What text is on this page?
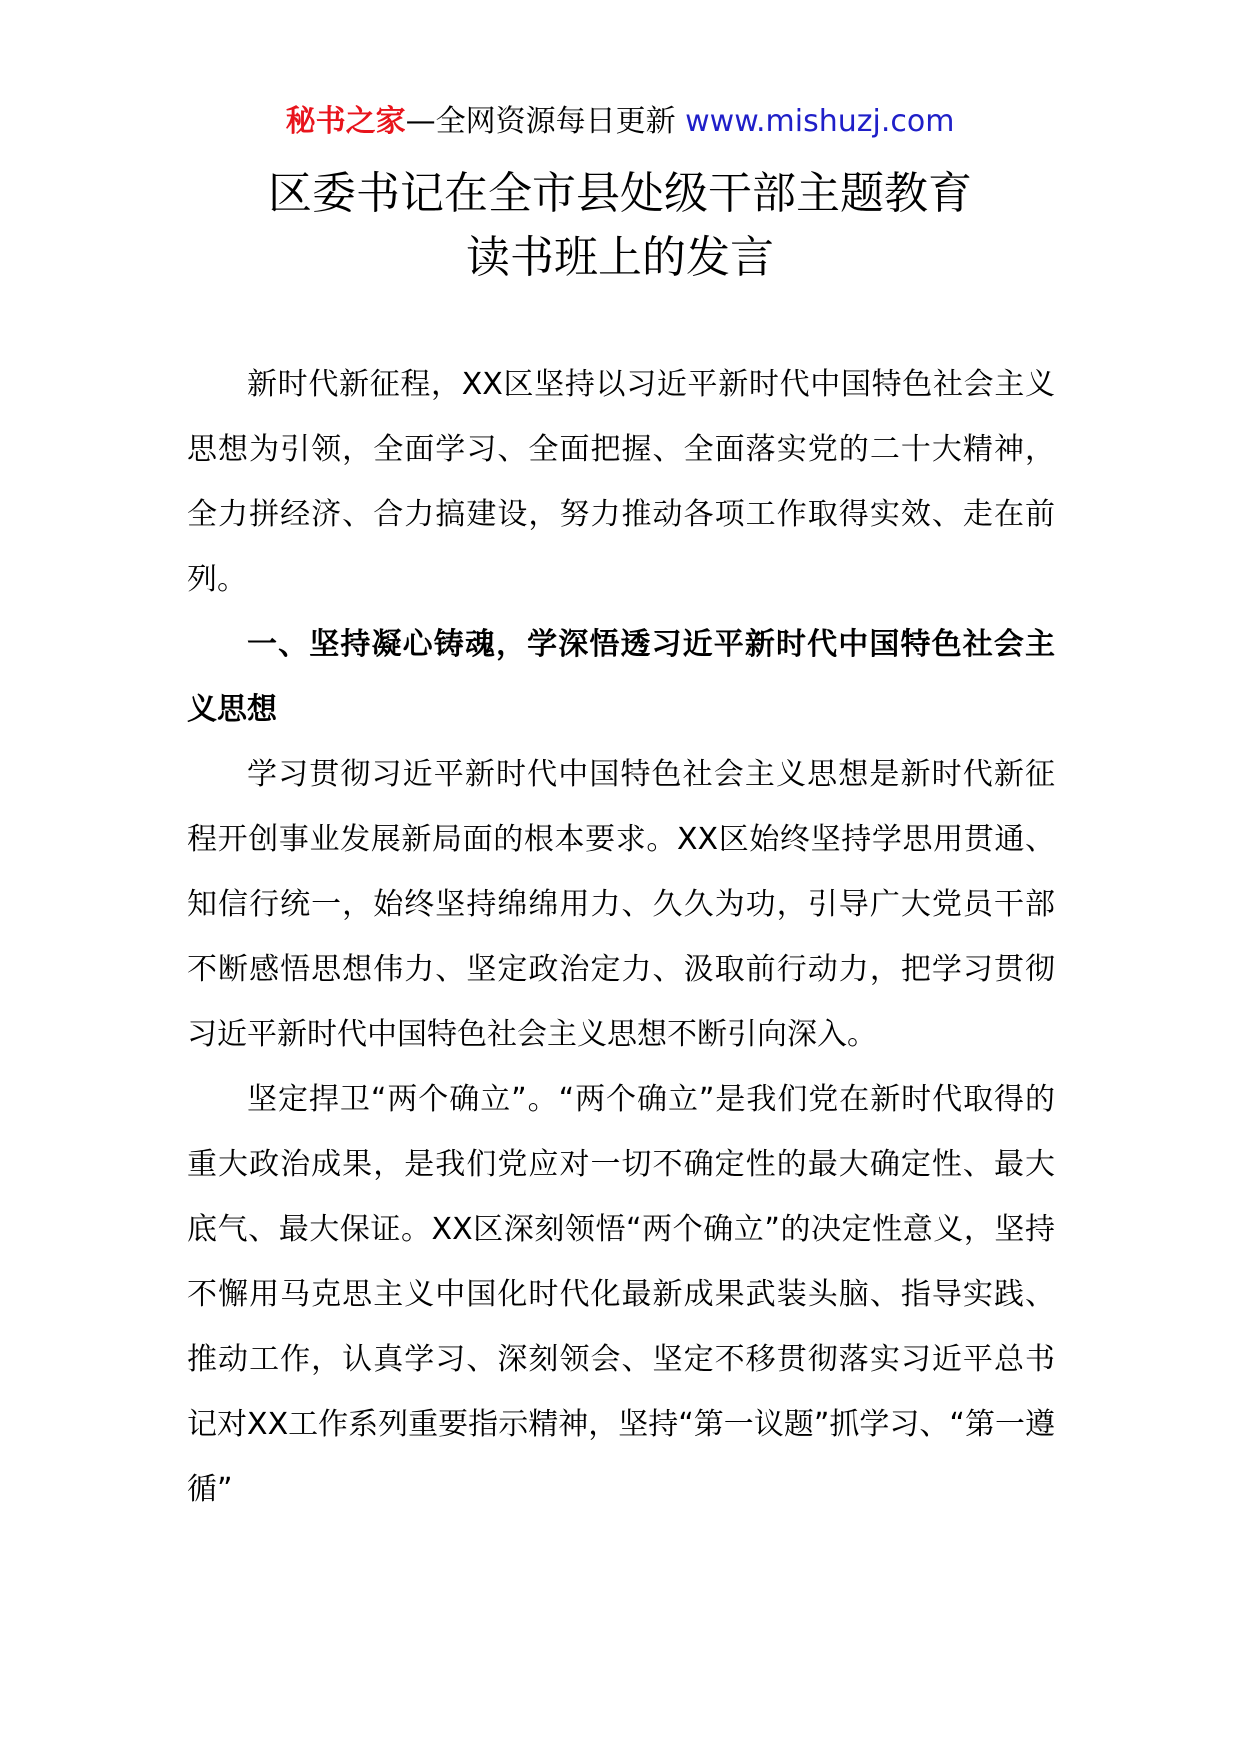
秘书之家—全网资源每日更新 www.mishuzj.com
区委书记在全市县处级干部主题教育
读书班上的发言

新时代新征程，XX区坚持以习近平新时代中国特色社会主义思想为引领，全面学习、全面把握、全面落实党的二十大精神，全力拼经济、合力搞建设，努力推动各项工作取得实效、走在前列。

一、坚持凝心铸魂，学深悟透习近平新时代中国特色社会主义思想

学习贯彻习近平新时代中国特色社会主义思想是新时代新征程开创事业发展新局面的根本要求。XX区始终坚持学思用贯通、知信行统一，始终坚持绵绵用力、久久为功，引导广大党员干部不断感悟思想伟力、坚定政治定力、汲取前行动力，把学习贯彻习近平新时代中国特色社会主义思想不断引向深入。

坚定捍卫“两个确立”。“两个确立”是我们党在新时代取得的重大政治成果，是我们党应对一切不确定性的最大确定性、最大底气、最大保证。XX区深刻领悟“两个确立”的决定性意义，坚持不懈用马克思主义中国化时代化最新成果武装头脑、指导实践、推动工作，认真学习、深刻领会、坚定不移贯彻落实习近平总书记对XX工作系列重要指示精神，坚持“第一议题”抓学习、“第一遵循”
